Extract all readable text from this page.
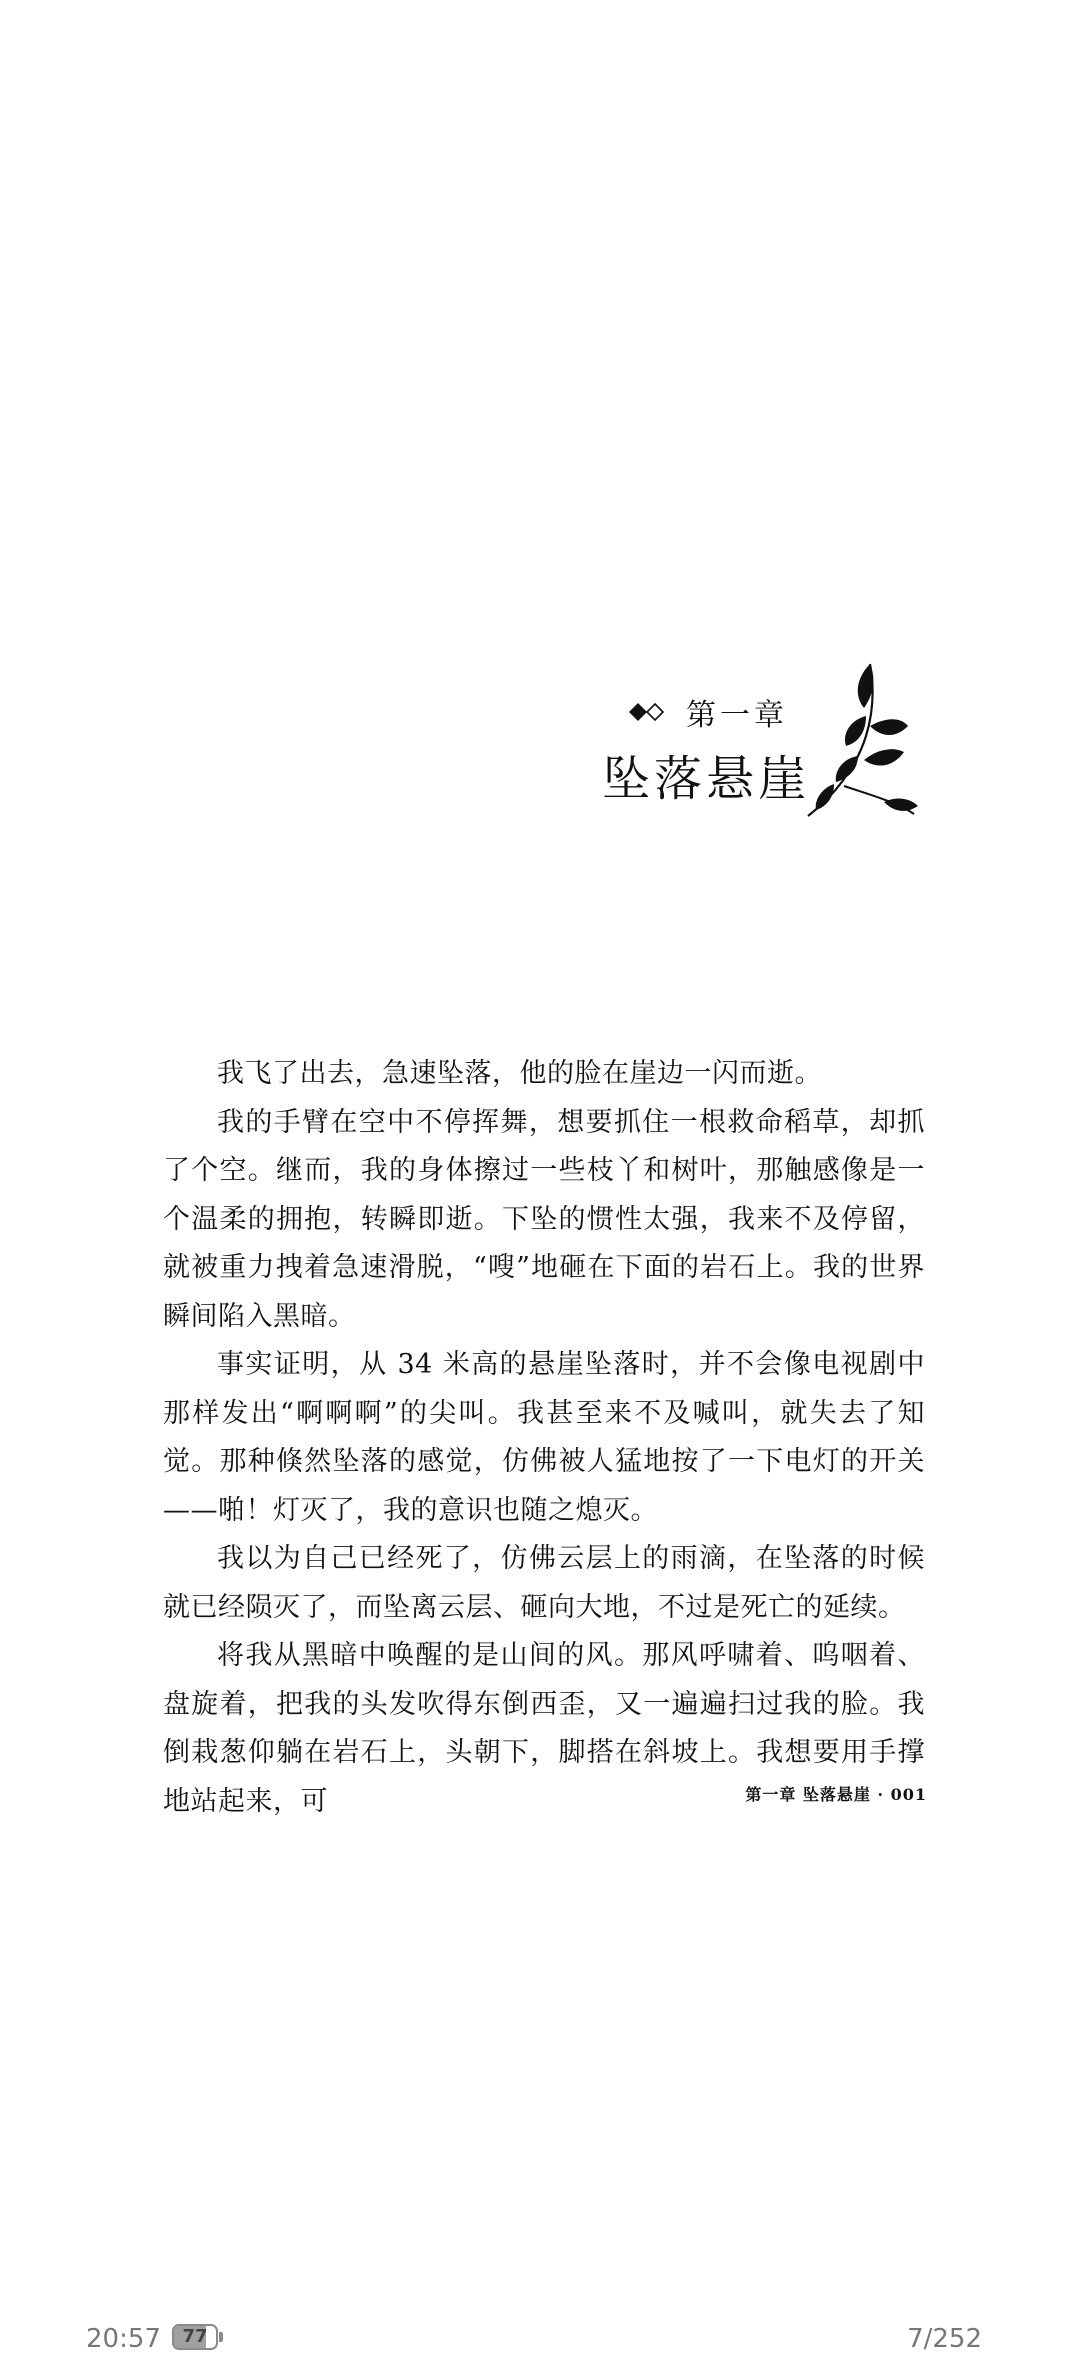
第一章
坠落悬崖

我飞了出去，急速坠落，他的脸在崖边一闪而逝。

我的手臂在空中不停挥舞，想要抓住一根救命稻草，却抓了个空。继而，我的身体擦过一些枝丫和树叶，那触感像是一个温柔的拥抱，转瞬即逝。下坠的惯性太强，我来不及停留，就被重力拽着急速滑脱，“嗖”地砸在下面的岩石上。我的世界瞬间陷入黑暗。

事实证明，从 34 米高的悬崖坠落时，并不会像电视剧中那样发出“啊啊啊”的尖叫。我甚至来不及喊叫，就失去了知觉。那种倏然坠落的感觉，仿佛被人猛地按了一下电灯的开关——啪！灯灭了，我的意识也随之熄灭。

我以为自己已经死了，仿佛云层上的雨滴，在坠落的时候就已经陨灭了，而坠离云层、砸向大地，不过是死亡的延续。

将我从黑暗中唤醒的是山间的风。那风呼啸着、呜咽着、盘旋着，把我的头发吹得东倒西歪，又一遍遍扫过我的脸。我倒栽葱仰躺在岩石上，头朝下，脚搭在斜坡上。我想要用手撑地站起来，可	第一章 坠落悬崖 · 001
20:57	77	7/252
